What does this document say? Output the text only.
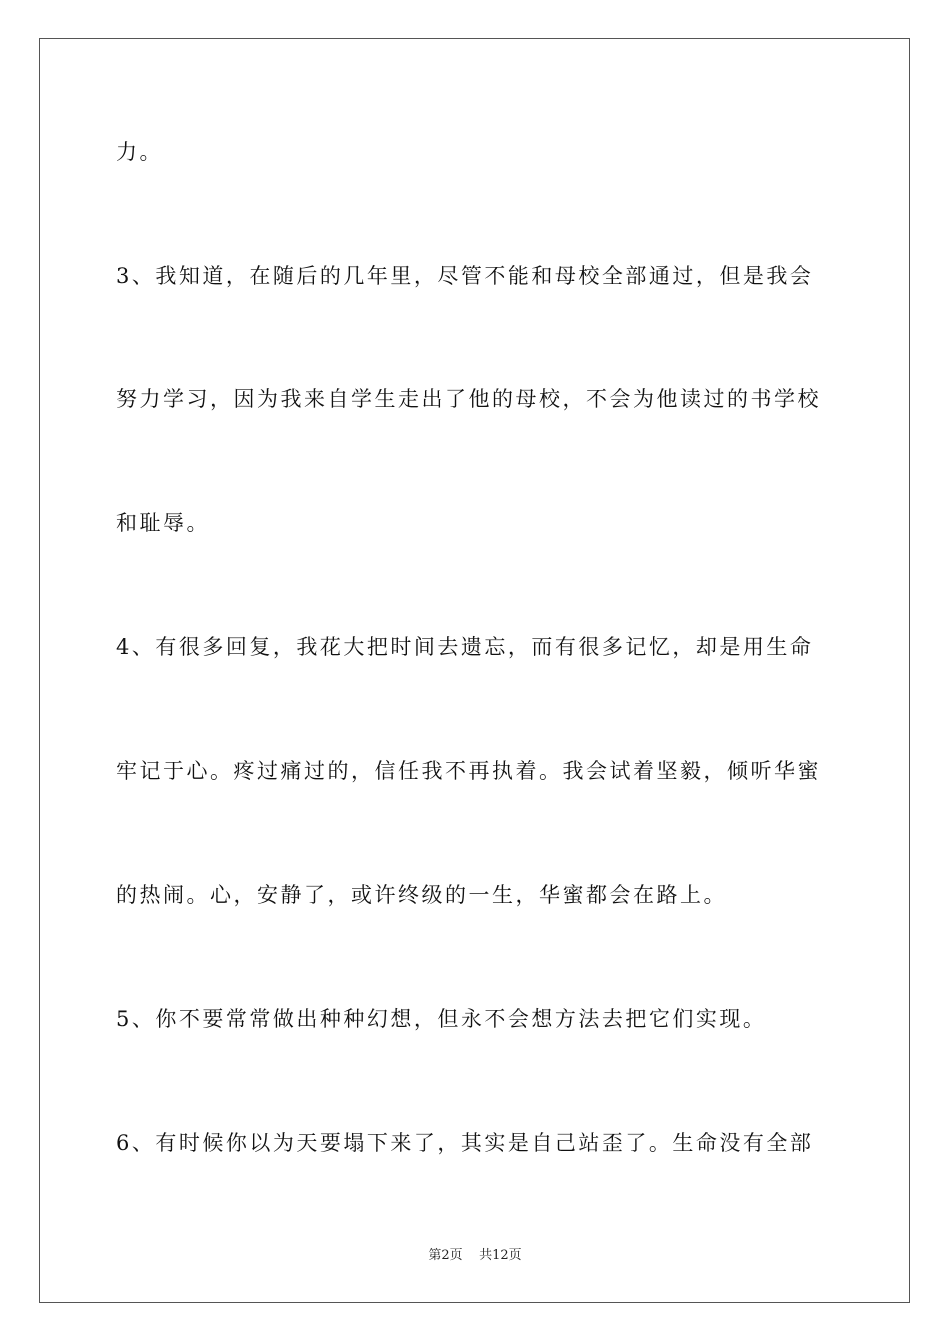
力。
3、我知道，在随后的几年里，尽管不能和母校全部通过，但是我会
努力学习，因为我来自学生走出了他的母校，不会为他读过的书学校
和耻辱。
4、有很多回复，我花大把时间去遗忘，而有很多记忆，却是用生命
牢记于心。疼过痛过的，信任我不再执着。我会试着坚毅，倾听华蜜
的热闹。心，安静了，或许终级的一生，华蜜都会在路上。
5、你不要常常做出种种幻想，但永不会想方法去把它们实现。
6、有时候你以为天要塌下来了，其实是自己站歪了。生命没有全部
第2页    共12页
